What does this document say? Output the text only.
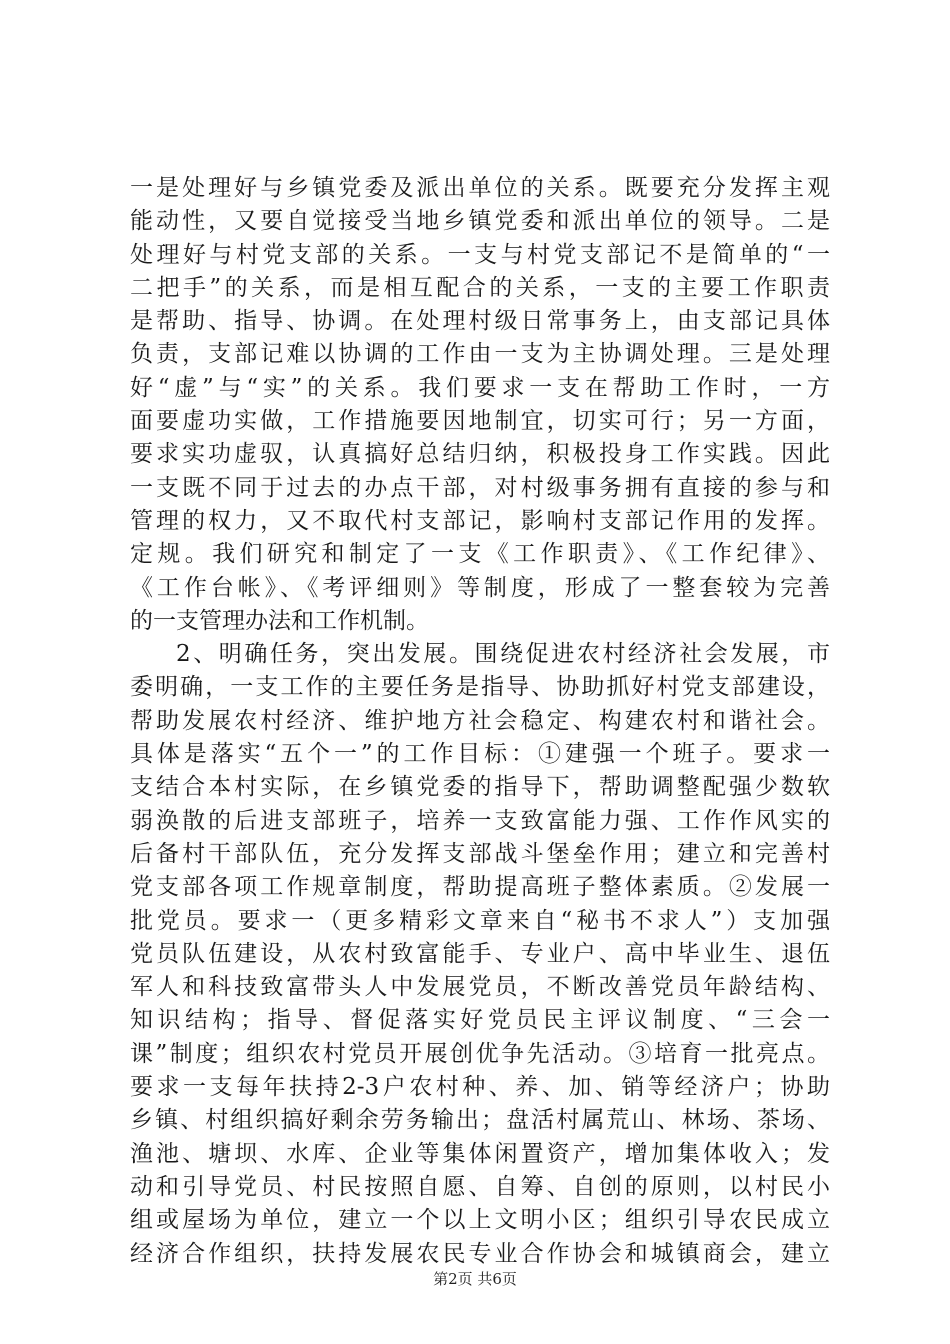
一是处理好与乡镇党委及派出单位的关系。既要充分发挥主观
能动性，又要自觉接受当地乡镇党委和派出单位的领导。二是
处理好与村党支部的关系。一支与村党支部记不是简单的“一
二把手”的关系，而是相互配合的关系，一支的主要工作职责
是帮助、指导、协调。在处理村级日常事务上，由支部记具体
负责，支部记难以协调的工作由一支为主协调处理。三是处理
好“虚”与“实”的关系。我们要求一支在帮助工作时，一方
面要虚功实做，工作措施要因地制宜，切实可行；另一方面，
要求实功虚驭，认真搞好总结归纳，积极投身工作实践。因此
一支既不同于过去的办点干部，对村级事务拥有直接的参与和
管理的权力，又不取代村支部记，影响村支部记作用的发挥。
定规。我们研究和制定了一支《工作职责》、《工作纪律》、
《工作台帐》、《考评细则》等制度，形成了一整套较为完善
的一支管理办法和工作机制。
2、明确任务，突出发展。围绕促进农村经济社会发展，市
委明确，一支工作的主要任务是指导、协助抓好村党支部建设，
帮助发展农村经济、维护地方社会稳定、构建农村和谐社会。
具体是落实“五个一”的工作目标：①建强一个班子。要求一
支结合本村实际，在乡镇党委的指导下，帮助调整配强少数软
弱涣散的后进支部班子，培养一支致富能力强、工作作风实的
后备村干部队伍，充分发挥支部战斗堡垒作用；建立和完善村
党支部各项工作规章制度，帮助提高班子整体素质。②发展一
批党员。要求一（更多精彩文章来自“秘书不求人”）支加强
党员队伍建设，从农村致富能手、专业户、高中毕业生、退伍
军人和科技致富带头人中发展党员，不断改善党员年龄结构、
知识结构；指导、督促落实好党员民主评议制度、“三会一
课”制度；组织农村党员开展创优争先活动。③培育一批亮点。
要求一支每年扶持2-3户农村种、养、加、销等经济户；协助
乡镇、村组织搞好剩余劳务输出；盘活村属荒山、林场、茶场、
渔池、塘坝、水库、企业等集体闲置资产，增加集体收入；发
动和引导党员、村民按照自愿、自筹、自创的原则，以村民小
组或屋场为单位，建立一个以上文明小区；组织引导农民成立
经济合作组织，扶持发展农民专业合作协会和城镇商会，建立
第2页 共6页
